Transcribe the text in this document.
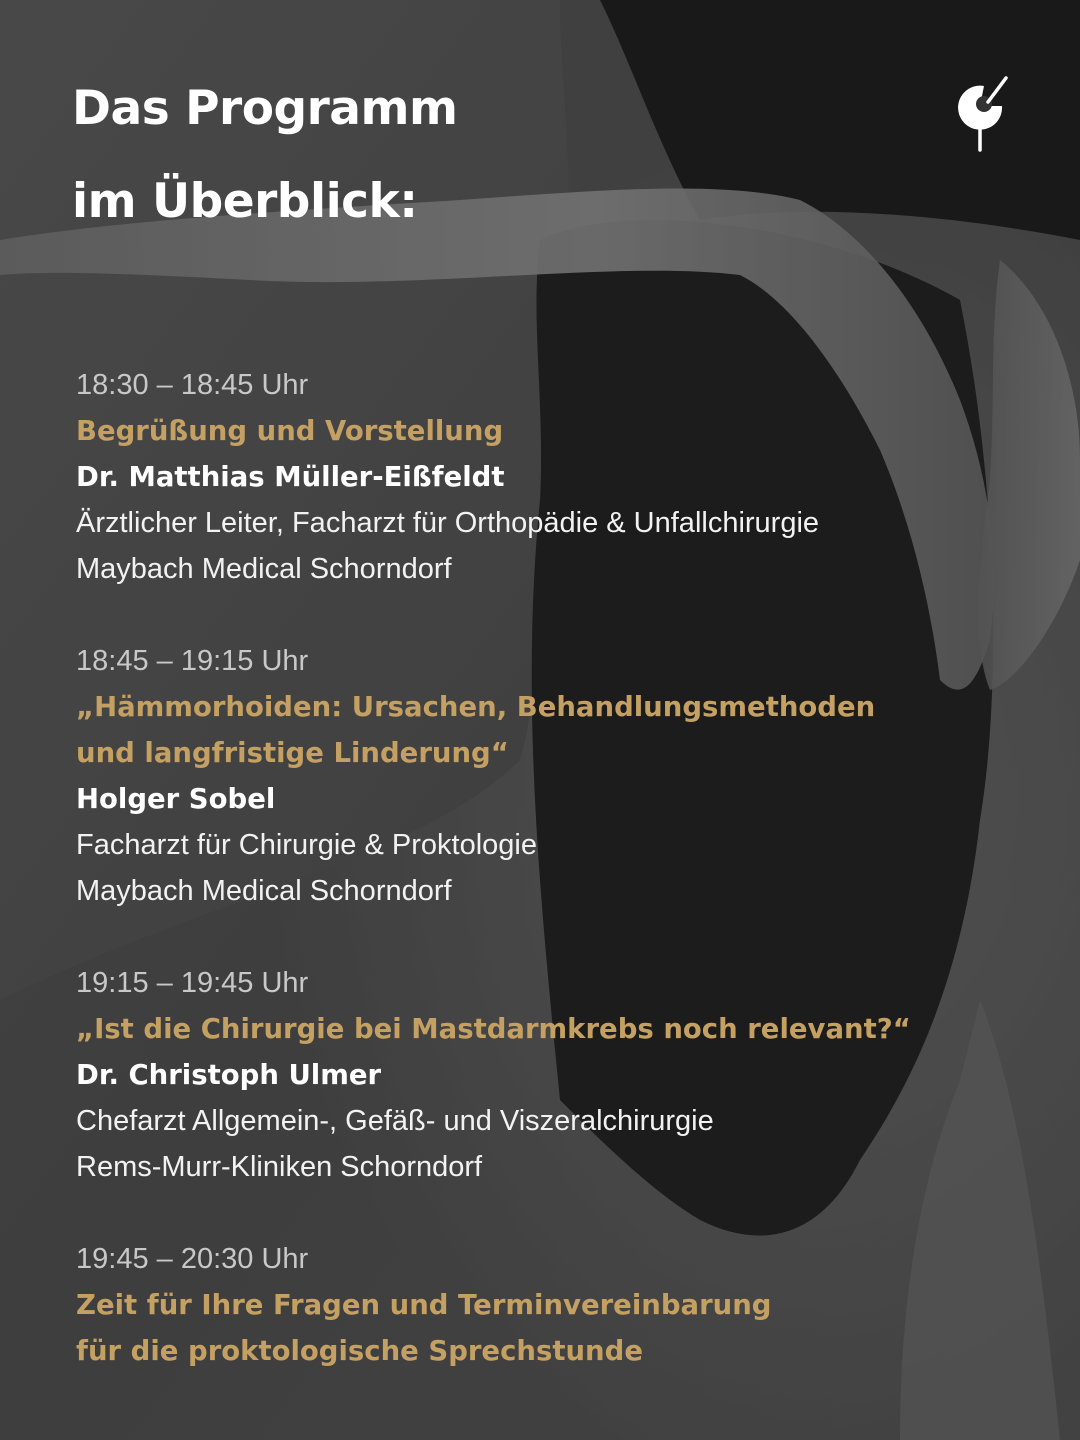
Das Programm
im Überblick:
18:30 – 18:45 Uhr
Begrüßung und Vorstellung
Dr. Matthias Müller-Eißfeldt
Ärztlicher Leiter, Facharzt für Orthopädie & Unfallchirurgie
Maybach Medical Schorndorf
18:45 – 19:15 Uhr
„Hämmorhoiden: Ursachen, Behandlungsmethoden
und langfristige Linderung“
Holger Sobel
Facharzt für Chirurgie & Proktologie
Maybach Medical Schorndorf
19:15 – 19:45 Uhr
„Ist die Chirurgie bei Mastdarmkrebs noch relevant?“
Dr. Christoph Ulmer
Chefarzt Allgemein-, Gefäß- und Viszeralchirurgie
Rems-Murr-Kliniken Schorndorf
19:45 – 20:30 Uhr
Zeit für Ihre Fragen und Terminvereinbarung
für die proktologische Sprechstunde
